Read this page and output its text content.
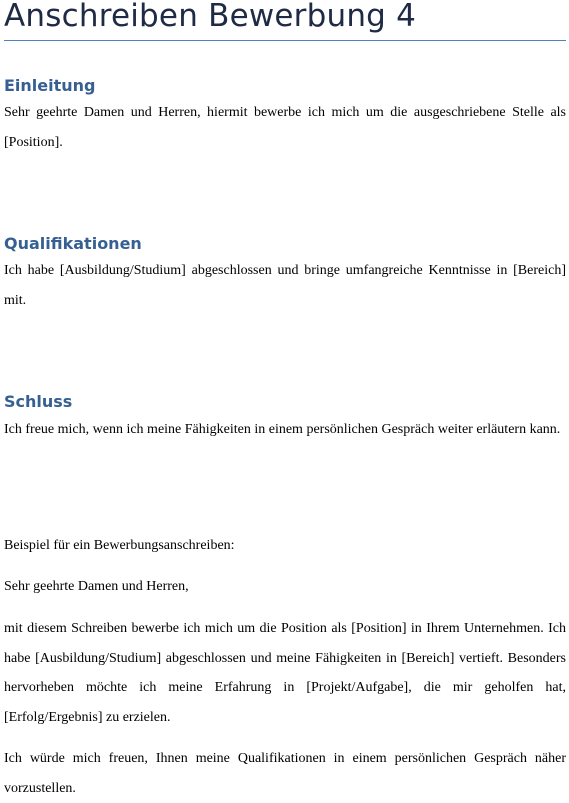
Anschreiben Bewerbung 4
Einleitung

Sehr geehrte Damen und Herren, hiermit bewerbe ich mich um die ausgeschriebene Stelle als [Position].

Qualifikationen

Ich habe [Ausbildung/Studium] abgeschlossen und bringe umfangreiche Kenntnisse in [Bereich] mit.

Schluss

Ich freue mich, wenn ich meine Fähigkeiten in einem persönlichen Gespräch weiter erläutern kann.

Beispiel für ein Bewerbungsanschreiben:

Sehr geehrte Damen und Herren,

mit diesem Schreiben bewerbe ich mich um die Position als [Position] in Ihrem Unternehmen. Ich habe [Ausbildung/Studium] abgeschlossen und meine Fähigkeiten in [Bereich] vertieft. Besonders hervorheben möchte ich meine Erfahrung in [Projekt/Aufgabe], die mir geholfen hat, [Erfolg/Ergebnis] zu erzielen.

Ich würde mich freuen, Ihnen meine Qualifikationen in einem persönlichen Gespräch näher vorzustellen.
